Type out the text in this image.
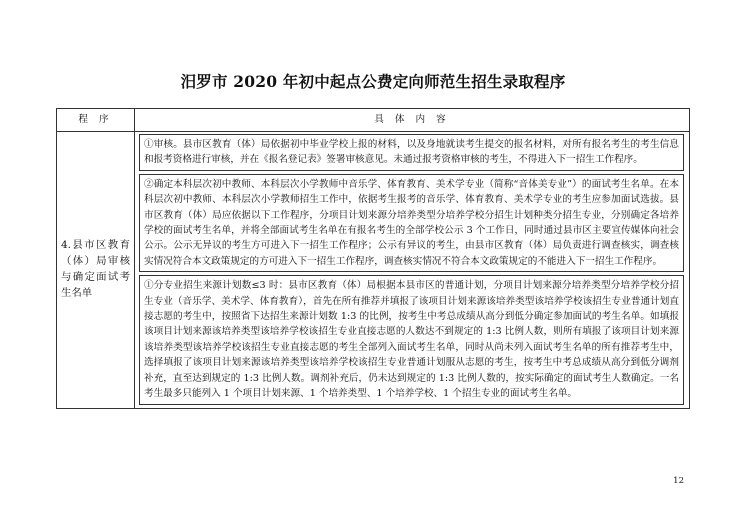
汨罗市 2020 年初中起点公费定向师范生招生录取程序
程 序	具 体 内 容
4.县市区教育（体）局审核与确定面试考生名单	①审核。县市区教育（体）局依据初中毕业学校上报的材料，以及身地就读考生提交的报名材料，对所有报名考生的考生信息和报考资格进行审核，并在《报名登记表》签署审核意见。未通过报考资格审核的考生，不得进入下一招生工作程序。
②确定本科层次初中教师、本科层次小学教师中音乐学、体育教育、美术学专业（简称“音体美专业”）的面试考生名单。在本科层次初中教师、本科层次小学教师招生工作中，依据考生报考的音乐学、体育教育、美术学专业的考生应参加面试选拔。县市区教育（体）局应依据以下工作程序，分项目计划来源分培养类型分培养学校分招生计划种类分招生专业，分别确定各培养学校的面试考生名单，并将全部面试考生名单在有报名考生的全部学校公示 3 个工作日，同时通过县市区主要宣传媒体向社会公示。公示无异议的考生方可进入下一招生工作程序；公示有异议的考生，由县市区教育（体）局负责进行调查核实，调查核实情况符合本文政策规定的方可进入下一招生工作程序，调查核实情况不符合本文政策规定的不能进入下一招生工作程序。
①分专业招生来源计划数≤3 时：县市区教育（体）局根据本县市区的普通计划，分项目计划来源分培养类型分培养学校分招生专业（音乐学、美术学、体育教育），首先在所有推荐并填报了该项目计划来源该培养类型该培养学校该招生专业普通计划直接志愿的考生中，按照省下达招生来源计划数 1:3 的比例，按考生中考总成绩从高分到低分确定参加面试的考生名单。如填报该项目计划来源该培养类型该培养学校该招生专业直接志愿的人数达不到规定的 1:3 比例人数，则所有填报了该项目计划来源该培养类型该培养学校该招生专业直接志愿的考生全部列入面试考生名单，同时从尚未列入面试考生名单的所有推荐考生中，选择填报了该项目计划来源该培养类型该培养学校该招生专业普通计划服从志愿的考生，按考生中考总成绩从高分到低分调剂补充，直至达到规定的 1:3 比例人数。调剂补充后，仍未达到规定的 1:3 比例人数的，按实际确定的面试考生人数确定。一名考生最多只能列入 1 个项目计划来源、1 个培养类型、1 个培养学校、1 个招生专业的面试考生名单。
12
